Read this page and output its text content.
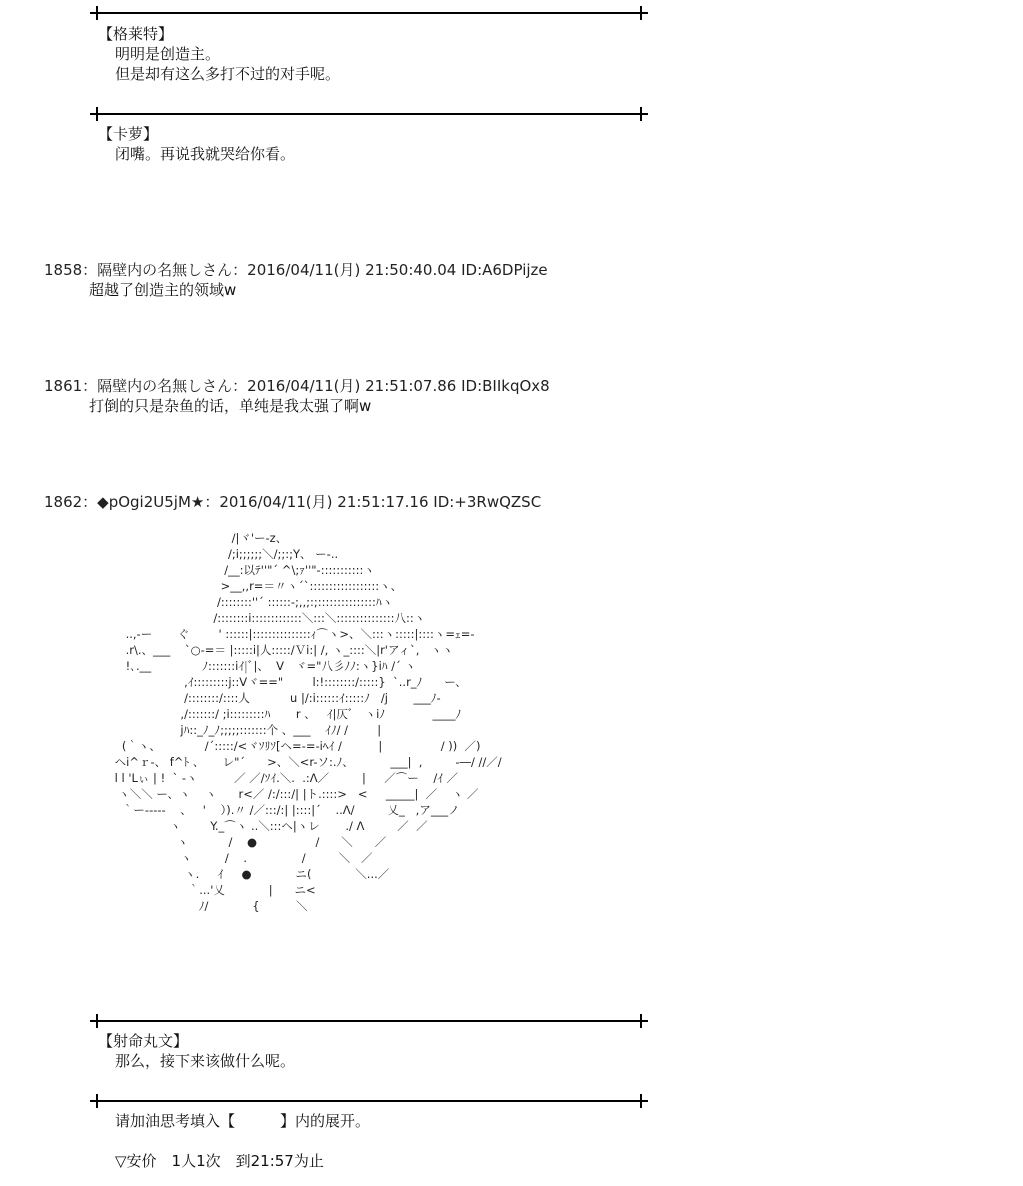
【格莱特】
明明是创造主。
但是却有这么多打不过的对手呢。
【卡萝】
闭嘴。再说我就哭给你看。
1858：隔壁内の名無しさん：2016/04/11(月) 21:50:40.04 ID:A6DPijze
超越了创造主的领域w
1861：隔壁内の名無しさん：2016/04/11(月) 21:51:07.86 ID:BIIkqOx8
打倒的只是杂鱼的话，单纯是我太强了啊w
1862：◆pOgi2U5jM★：2016/04/11(月) 21:51:17.16 ID:+3RwQZSC
/|ヾ'ー-z、
/;i;;;;;;＼/;;:;Y、 ー-..
/__:以ﾃ''"´ ^\;ｧ''"-:::::::::::ヽ
>__,,r=＝〃ヽ´`::::::::::::::::::ヽ、
/::::::::''´ ::::::-;,,;:;:::::::::::::::ﾊヽ
/::::::::i:::::::::::::＼:::＼:::::::::::::::八::ヽ
..,-ー       ぐ        ' ::::::|:::::::::::::::ｨ⌒ヽ>、＼:::ヽ:::::|::::ヽ=ｪ=-
.r\.、___    `○-=＝ |:::::i|人:::::/Ｖi:| /, ヽ_::::＼|r'アィ`,   ヽヽ
!､.__              ﾉ:::::::iｲ|ﾞ|、  V   ヾ="八彡ﾉﾉ:ヽ}iﾊ /´ ヽ
,ｲ:::::::::j::Vヾ=="        l:!::::::::/:::::}  `..r_ﾉ      ー、
/::::::::/::::人           u |/:i::::::ｲ:::::ﾉ   /j       ___ﾉ-
,/:::::::/ ;i:::::::::ﾊ       r 、   ｲ|仄ﾞ   ヽiﾉ             ____ﾉ
jﾊ::_ﾉ_ﾉ;;;;;:::::::个 、___    ｲﾉ/ /        |
(｀ヽ、            /´:::::/<ヾｿﾘｿ[ヘ=-=-iﾍｲ /          |                / ))  ／)
ヘi^ｒ-、 f^ﾄ 、     レ"´      >、＼<r-ソ:.ﾉ、          ___|  ,         -―/ //／/
l l 'Lぃ | !  ` ‐ヽ          ／ ／/ｿｲ.＼.  .:Λ／         |     ／⌒ー    /ｲ ／
ヽ＼＼ ー、ヽ    ヽ      r<／ /:/:::/| |ト.::::>   <     _____|  ／    ヽ ／
｀ー-----    、   '    ）).〃 /／:::/:| |::::|´    ..Λ/         乂_   ,ア___ノ
ヽ        Y._⌒ヽ ..＼:::ヘ|ヽレ       ./ Λ         ／  ／
ヽ           /    ●                /      ＼      ／
ヽ         /    .               /         ＼   ／
ヽ.     ｲ     ●            ニ(            ＼...／
｀...'乂            |      ニ<
ﾉ/            {          ＼
【射命丸文】
那么，接下来该做什么呢。
请加油思考填入【　　　】内的展开。
▽安价　1人1次　到21:57为止
